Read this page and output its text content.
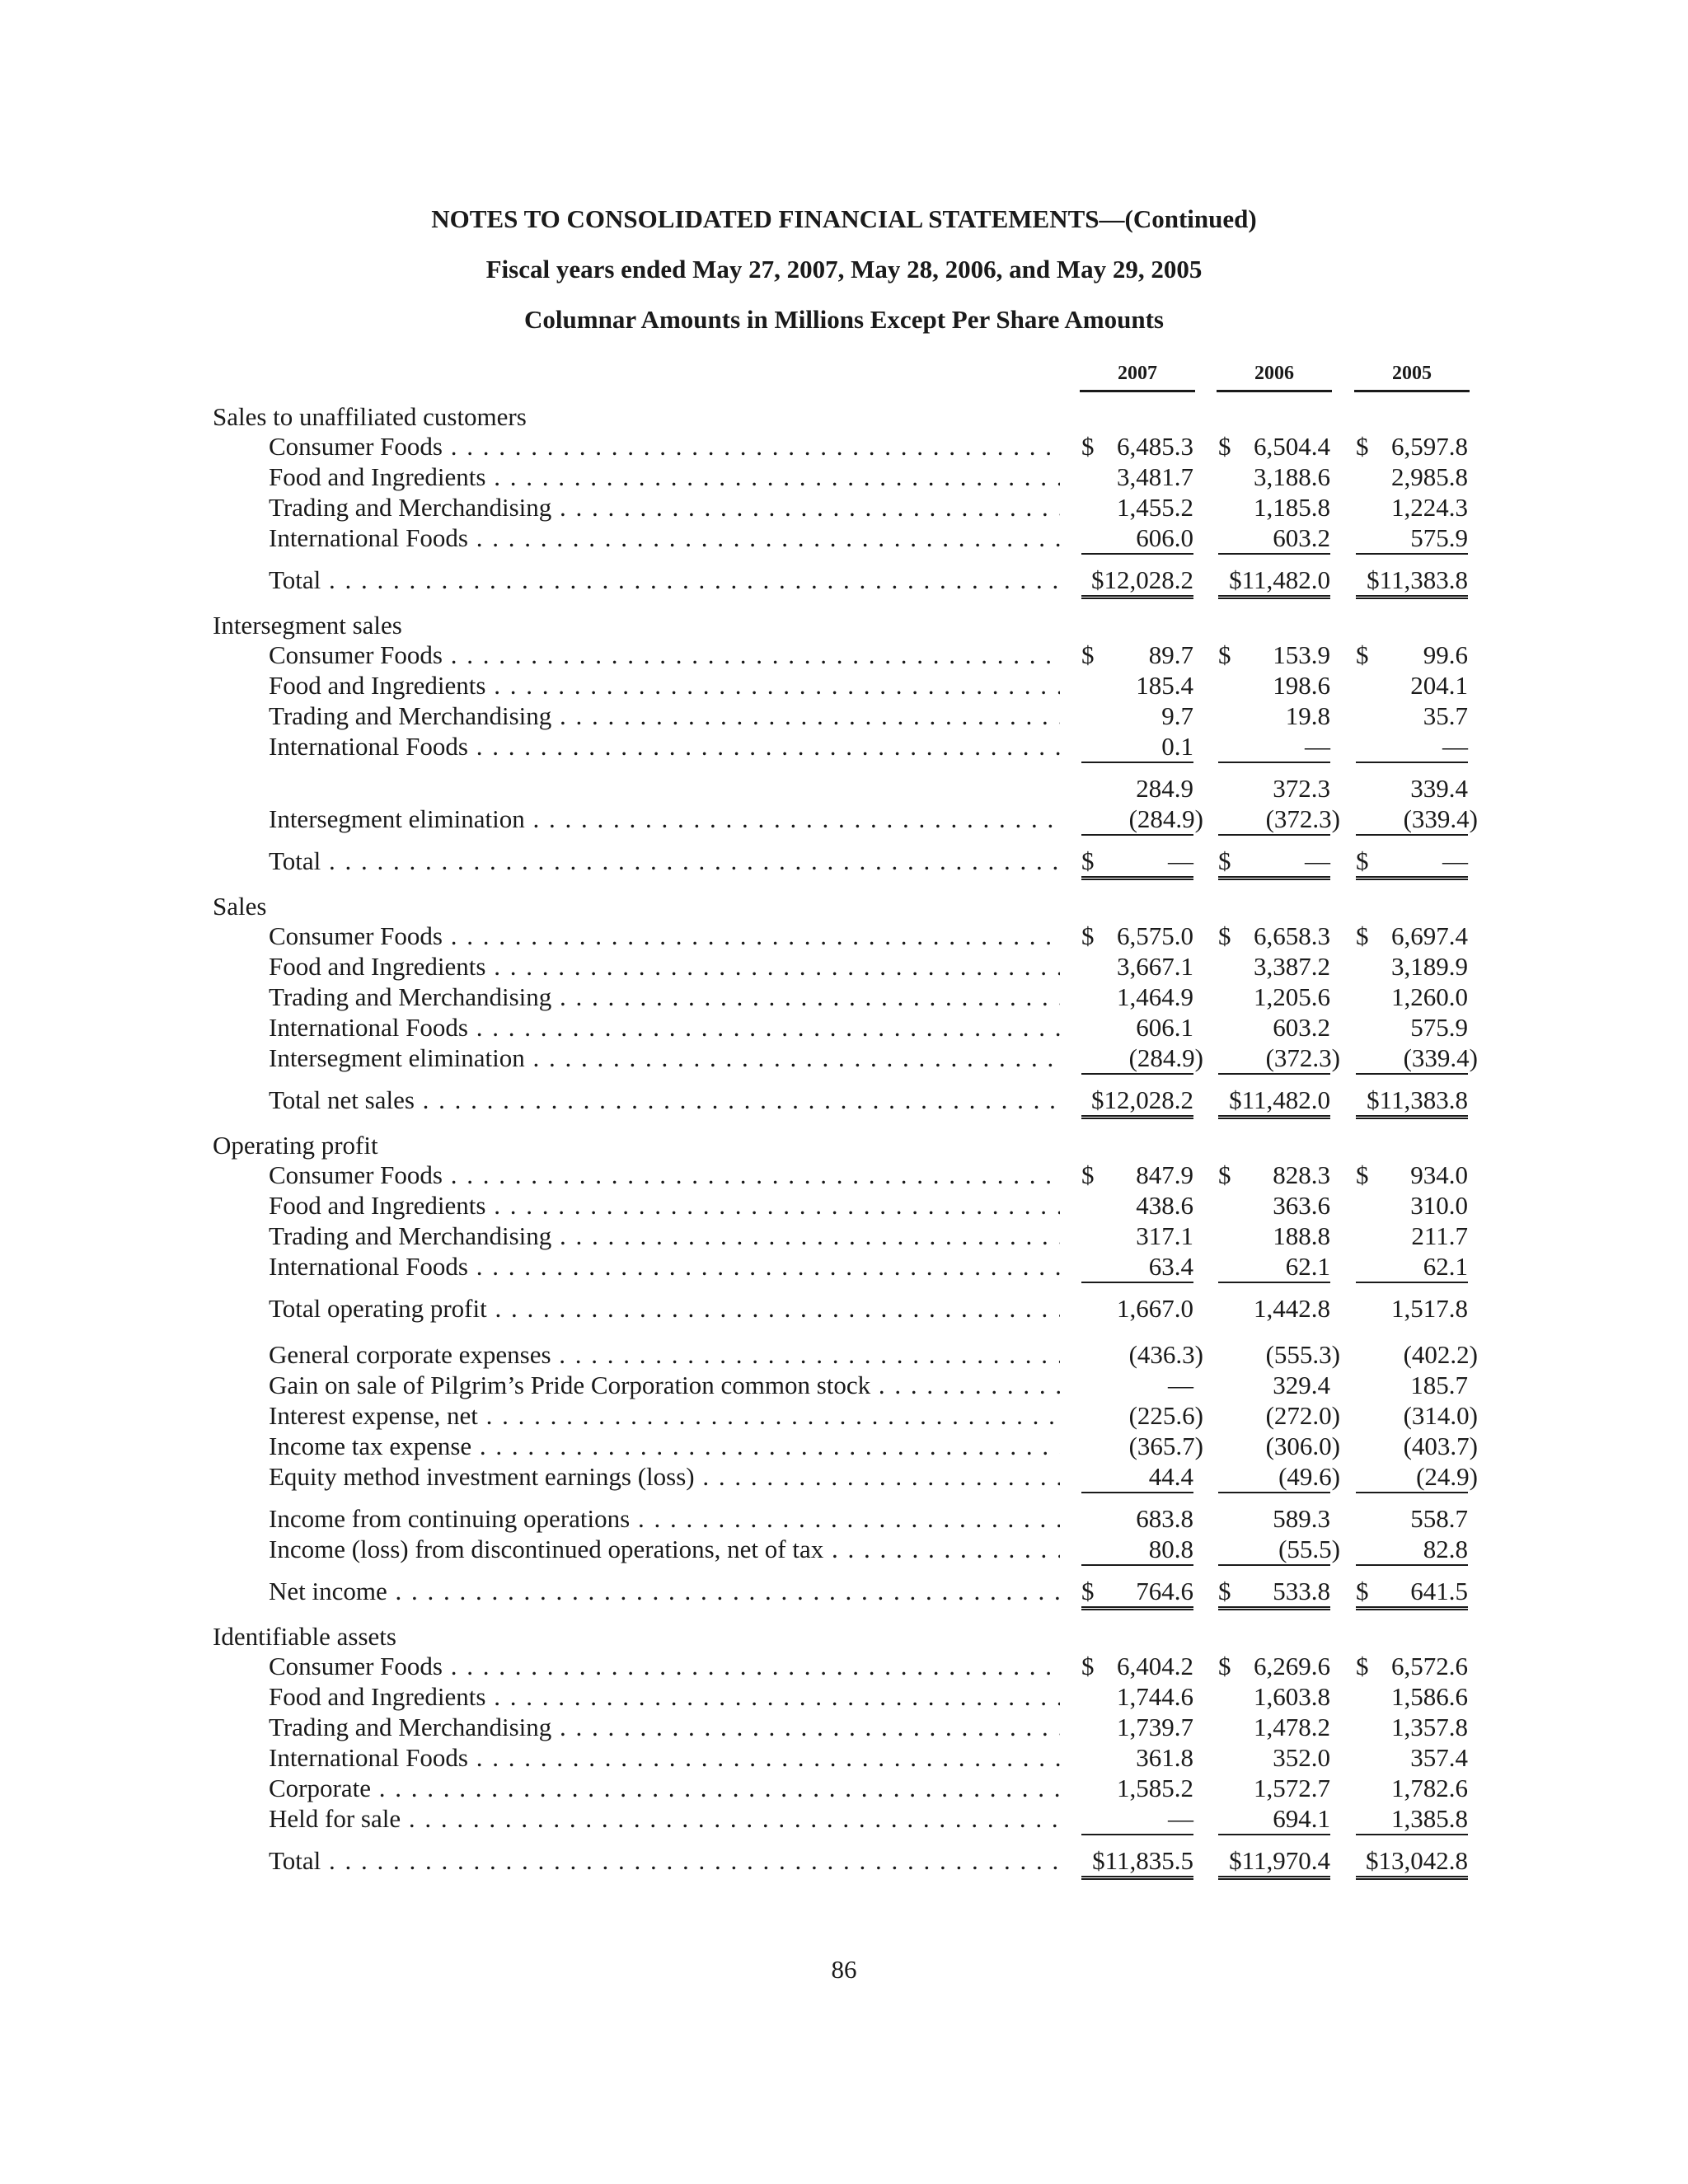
NOTES TO CONSOLIDATED FINANCIAL STATEMENTS—(Continued)
Fiscal years ended May 27, 2007, May 28, 2006, and May 29, 2005
Columnar Amounts in Millions Except Per Share Amounts
2007	2006	2005
Sales to unaffiliated customers
Consumer Foods . . .	$ 6,485.3 $ 6,504.4 $ 6,597.8
Food and Ingredients . . .	3,481.7 3,188.6 2,985.8
Trading and Merchandising . . .	1,455.2 1,185.8 1,224.3
International Foods . . .	606.0	603.2	575.9
Total . . .	$12,028.2 $11,482.0 $11,383.8
Intersegment sales
Consumer Foods . . .	$ 89.7 $ 153.9 $ 99.6
Food and Ingredients . . .	185.4	198.6	204.1
Trading and Merchandising . . .	9.7	19.8	35.7
International Foods . . .	0.1	—	—
284.9	372.3	339.4
Intersegment elimination . . .	(284.9) (372.3) (339.4)
Total . . .	$	— $	— $	—
Sales
Consumer Foods . . .	$ 6,575.0 $ 6,658.3 $ 6,697.4
Food and Ingredients . . .	3,667.1 3,387.2 3,189.9
Trading and Merchandising . . .	1,464.9 1,205.6 1,260.0
International Foods . . .	606.1	603.2	575.9
Intersegment elimination . . .	(284.9) (372.3) (339.4)
Total net sales . . .	$12,028.2 $11,482.0 $11,383.8
Operating profit
Consumer Foods . . .	$ 847.9 $ 828.3 $ 934.0
Food and Ingredients . . .	438.6	363.6	310.0
Trading and Merchandising . . .	317.1	188.8	211.7
International Foods . . .	63.4	62.1	62.1
Total operating profit . . .	1,667.0 1,442.8 1,517.8
General corporate expenses . . .	(436.3) (555.3) (402.2)
Gain on sale of Pilgrim’s Pride Corporation common stock . . .	—	329.4	185.7
Interest expense, net . . .	(225.6) (272.0) (314.0)
Income tax expense . . .	(365.7) (306.0) (403.7)
Equity method investment earnings (loss) . . .	44.4	(49.6)	(24.9)
Income from continuing operations . . .	683.8	589.3	558.7
Income (loss) from discontinued operations, net of tax . . .	80.8	(55.5)	82.8
Net income . . .	$ 764.6 $ 533.8 $ 641.5
Identifiable assets
Consumer Foods . . .	$ 6,404.2 $ 6,269.6 $ 6,572.6
Food and Ingredients . . .	1,744.6 1,603.8 1,586.6
Trading and Merchandising . . .	1,739.7 1,478.2 1,357.8
International Foods . . .	361.8	352.0	357.4
Corporate . . .	1,585.2 1,572.7 1,782.6
Held for sale . . .	—	694.1 1,385.8
Total . . .	$11,835.5 $11,970.4 $13,042.8
86
